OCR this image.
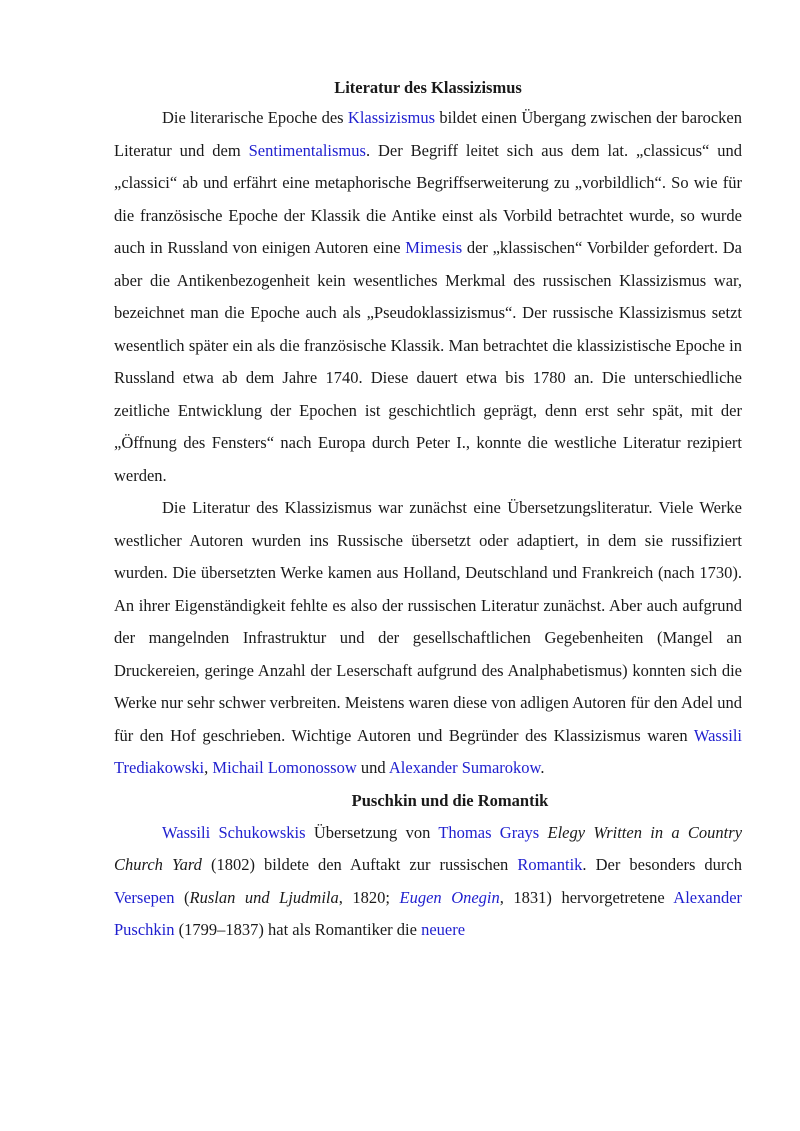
Literatur des Klassizismus

Die literarische Epoche des Klassizismus bildet einen Übergang zwischen der barocken Literatur und dem Sentimentalismus. Der Begriff leitet sich aus dem lat. „classicus“ und „classici“ ab und erfährt eine metaphorische Begriffserweiterung zu „vorbildlich“. So wie für die französische Epoche der Klassik die Antike einst als Vorbild betrachtet wurde, so wurde auch in Russland von einigen Autoren eine Mimesis der „klassischen“ Vorbilder gefordert. Da aber die Antikenbezogenheit kein wesentliches Merkmal des russischen Klassizismus war, bezeichnet man die Epoche auch als „Pseudoklassizismus“. Der russische Klassizismus setzt wesentlich später ein als die französische Klassik. Man betrachtet die klassizistische Epoche in Russland etwa ab dem Jahre 1740. Diese dauert etwa bis 1780 an. Die unterschiedliche zeitliche Entwicklung der Epochen ist geschichtlich geprägt, denn erst sehr spät, mit der „Öffnung des Fensters“ nach Europa durch Peter I., konnte die westliche Literatur rezipiert werden.

Die Literatur des Klassizismus war zunächst eine Übersetzungsliteratur. Viele Werke westlicher Autoren wurden ins Russische übersetzt oder adaptiert, in dem sie russifiziert wurden. Die übersetzten Werke kamen aus Holland, Deutschland und Frankreich (nach 1730). An ihrer Eigenständigkeit fehlte es also der russischen Literatur zunächst. Aber auch aufgrund der mangelnden Infrastruktur und der gesellschaftlichen Gegebenheiten (Mangel an Druckereien, geringe Anzahl der Leserschaft aufgrund des Analphabetismus) konnten sich die Werke nur sehr schwer verbreiten. Meistens waren diese von adligen Autoren für den Adel und für den Hof geschrieben. Wichtige Autoren und Begründer des Klassizismus waren Wassili Trediakowski, Michail Lomonossow und Alexander Sumarokow.

Puschkin und die Romantik

Wassili Schukowskis Übersetzung von Thomas Grays Elegy Written in a Country Church Yard (1802) bildete den Auftakt zur russischen Romantik. Der besonders durch Versepen (Ruslan und Ljudmila, 1820; Eugen Onegin, 1831) hervorgetretene Alexander Puschkin (1799–1837) hat als Romantiker die neuere
